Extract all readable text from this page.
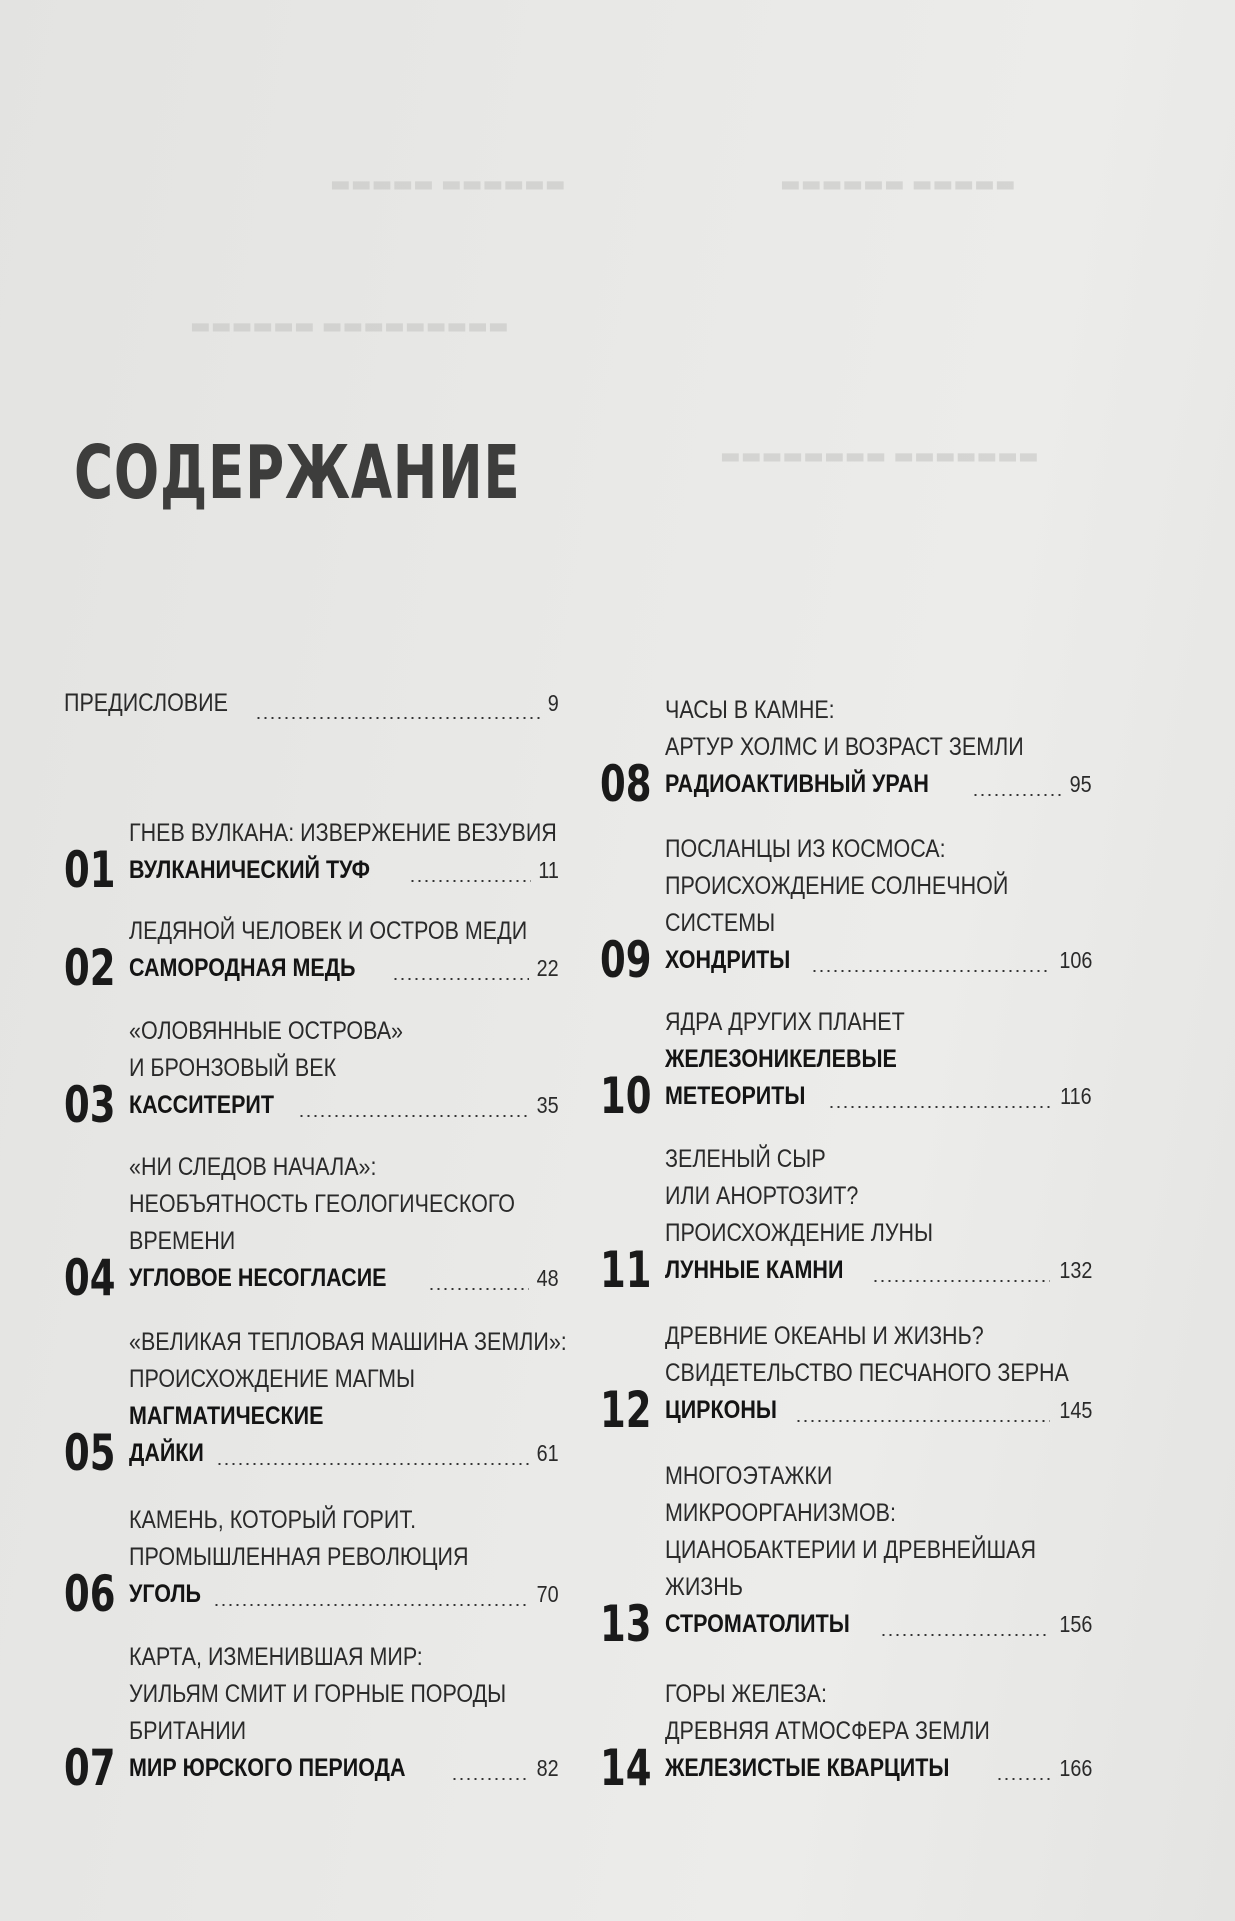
▬▬▬▬▬▬ ▬▬▬▬▬	▬▬▬▬▬ ▬▬▬▬▬▬
▬▬▬▬▬▬▬▬▬ ▬▬▬▬▬▬
▬▬▬▬▬▬▬ ▬▬▬▬▬▬▬▬
СОДЕРЖАНИЕ
ПРЕДИСЛОВИЕ	9
01
ГНЕВ ВУЛКАНА: ИЗВЕРЖЕНИЕ ВЕЗУВИЯ
ВУЛКАНИЧЕСКИЙ ТУФ	11
02
ЛЕДЯНОЙ ЧЕЛОВЕК И ОСТРОВ МЕДИ
САМОРОДНАЯ МЕДЬ	22
03
«ОЛОВЯННЫЕ ОСТРОВА»
И БРОНЗОВЫЙ ВЕК
КАССИТЕРИТ	35
04
«НИ СЛЕДОВ НАЧАЛА»:
НЕОБЪЯТНОСТЬ ГЕОЛОГИЧЕСКОГО
ВРЕМЕНИ
УГЛОВОЕ НЕСОГЛАСИЕ	48
05
«ВЕЛИКАЯ ТЕПЛОВАЯ МАШИНА ЗЕМЛИ»:
ПРОИСХОЖДЕНИЕ МАГМЫ
МАГМАТИЧЕСКИЕ
ДАЙКИ	61
06
КАМЕНЬ, КОТОРЫЙ ГОРИТ.
ПРОМЫШЛЕННАЯ РЕВОЛЮЦИЯ
УГОЛЬ	70
07
КАРТА, ИЗМЕНИВШАЯ МИР:
УИЛЬЯМ СМИТ И ГОРНЫЕ ПОРОДЫ
БРИТАНИИ
МИР ЮРСКОГО ПЕРИОДА	82
08
ЧАСЫ В КАМНЕ:
АРТУР ХОЛМС И ВОЗРАСТ ЗЕМЛИ
РАДИОАКТИВНЫЙ УРАН	95
09
ПОСЛАНЦЫ ИЗ КОСМОСА:
ПРОИСХОЖДЕНИЕ СОЛНЕЧНОЙ
СИСТЕМЫ
ХОНДРИТЫ	106
10
ЯДРА ДРУГИХ ПЛАНЕТ
ЖЕЛЕЗОНИКЕЛЕВЫЕ
МЕТЕОРИТЫ	116
11
ЗЕЛЕНЫЙ СЫР
ИЛИ АНОРТОЗИТ?
ПРОИСХОЖДЕНИЕ ЛУНЫ
ЛУННЫЕ КАМНИ	132
12
ДРЕВНИЕ ОКЕАНЫ И ЖИЗНЬ?
СВИДЕТЕЛЬСТВО ПЕСЧАНОГО ЗЕРНА
ЦИРКОНЫ	145
13
МНОГОЭТАЖКИ
МИКРООРГАНИЗМОВ:
ЦИАНОБАКТЕРИИ И ДРЕВНЕЙШАЯ
ЖИЗНЬ
СТРОМАТОЛИТЫ	156
14
ГОРЫ ЖЕЛЕЗА:
ДРЕВНЯЯ АТМОСФЕРА ЗЕМЛИ
ЖЕЛЕЗИСТЫЕ КВАРЦИТЫ	166
